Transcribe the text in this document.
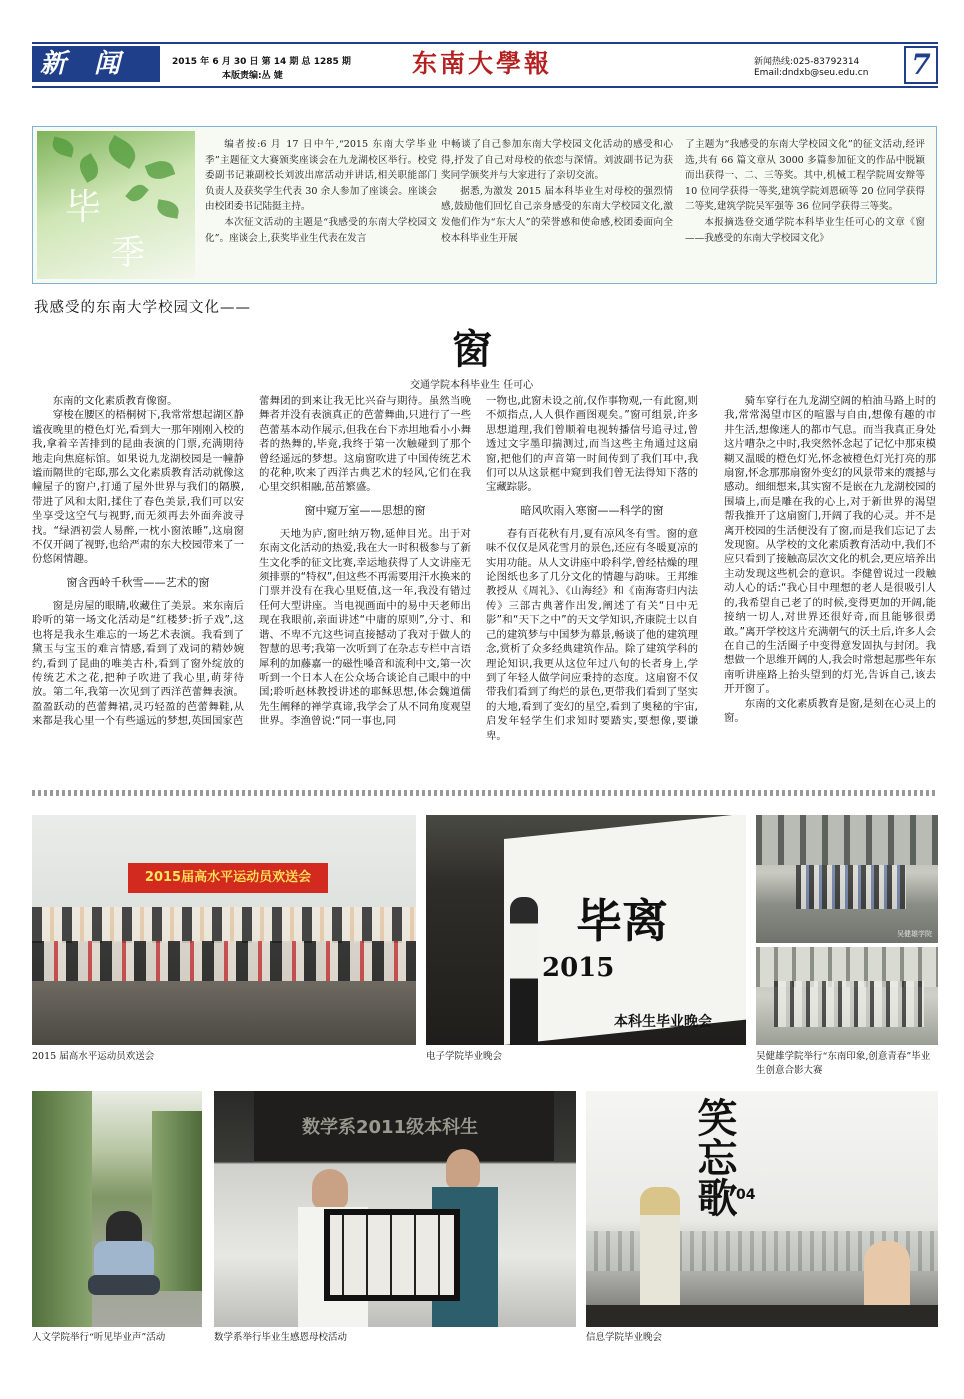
新闻	2015 年 6 月 30 日 第 14 期 总 1285 期
本版责编:丛 婕	东南大學報	新闻热线:025-83792314
Email:dndxb@seu.edu.cn 7
毕
季

编者按:6 月 17 日中午,“2015 东南大学毕业季”主题征文大赛颁奖座谈会在九龙湖校区举行。校党委副书记兼副校长刘波出席活动并讲话,相关职能部门负责人及获奖学生代表 30 余人参加了座谈会。座谈会由校团委书记陆挺主持。

本次征文活动的主题是“我感受的东南大学校园文化”。座谈会上,获奖毕业生代表在发言

中畅谈了自己参加东南大学校园文化活动的感受和心得,抒发了自己对母校的依恋与深情。刘波副书记为获奖同学颁奖并与大家进行了亲切交流。

据悉,为激发 2015 届本科毕业生对母校的强烈情感,鼓励他们回忆自己亲身感受的东南大学校园文化,激发他们作为“东大人”的荣誉感和使命感,校团委面向全校本科毕业生开展

了主题为“我感受的东南大学校园文化”的征文活动,经评选,共有 66 篇文章从 3000 多篇参加征文的作品中脱颖而出获得一、二、三等奖。其中,机械工程学院周安辩等 10 位同学获得一等奖,建筑学院刘恩硕等 20 位同学获得二等奖,建筑学院吴军强等 36 位同学获得三等奖。

本报摘选登交通学院本科毕业生任可心的文章《窗——我感受的东南大学校园文化》

我感受的东南大学校园文化——
窗
交通学院本科毕业生 任可心

东南的文化素质教育像窗。

穿梭在腰区的梧桐树下,我常常想起湖区静谧夜晚里的橙色灯光,看到大一那年刚刚入校的我,拿着辛苦排到的昆曲表演的门票,充满期待地走向焦庭标馆。如果说九龙湖校园是一幢静谧而隔世的宅邸,那么文化素质教育活动就像这幢屋子的窗户,打通了屋外世界与我们的隔膜,带进了风和太阳,揉住了春色美景,我们可以安坐享受这空气与视野,而无须再去外面奔波寻找。“绿酒初尝人易醉,一枕小窗浓睡”,这扇窗不仅开阔了视野,也给严肃的东大校园带来了一份悠闲情趣。

窗含西岭千秋雪——艺术的窗

窗是房屋的眼睛,收藏住了美景。来东南后聆听的第一场文化活动是“红楼梦:折子戏”,这也将是我永生难忘的一场艺术表演。我看到了黛玉与宝玉的难言情感,看到了戏词的精妙婉约,看到了昆曲的唯美古朴,看到了窗外绽放的传统艺术之花,把种子吹进了我心里,萌芽待放。第二年,我第一次见到了西洋芭蕾舞表演。盈盈跃动的芭蕾舞裙,灵巧轻盈的芭蕾舞鞋,从来都是我心里一个有些遥远的梦想,英国国家芭

蕾舞团的到来让我无比兴奋与期待。虽然当晚舞者并没有表演真正的芭蕾舞曲,只进行了一些芭蕾基本动作展示,但我在台下赤坦地看小小舞者的热舞的,毕竟,我终于第一次触碰到了那个曾经遥远的梦想。这扇窗吹进了中国传统艺术的花种,吹来了西洋古典艺术的轻风,它们在我心里交织相融,茁茁繁盛。

窗中窥万室——思想的窗

天地为庐,窗吐纳万物,延伸目光。出于对东南文化活动的热爱,我在大一时积极参与了新生文化季的征文比赛,幸运地获得了人文讲座无须排票的“特权”,但这些不再需要用汗水换来的门票并没有在我心里贬值,这一年,我没有错过任何大型讲座。当电视画面中的易中天老师出现在我眼前,亲面讲述“中庸的原则”,分寸、和谐、不卑不亢这些词直接撼动了我对于做人的智慧的思考;我第一次听到了在杂志专栏中言语犀利的加藤嘉一的磁性嗓音和流利中文,第一次听到一个日本人在公众场合谈论自己眼中的中国;聆听赵林教授讲述的耶稣思想,体会魏道儒先生阐释的禅学真谛,我学会了从不同角度观望世界。李渔曾说:“同一事也,同

一物也,此窗未设之前,仅作事物观,一有此窗,则不烦指点,人人俱作画图观矣。”窗可组景,许多思想道理,我们曾顺着电视转播信号追寻过,曾透过文字墨印揣测过,而当这些主角通过这扇窗,把他们的声音第一时间传到了我们耳中,我们可以从这景框中窥到我们曾无法得知下落的宝藏踪影。

暗风吹雨入寒窗——科学的窗

春有百花秋有月,夏有凉风冬有雪。窗的意味不仅仅是风花雪月的景色,还应有冬暖夏凉的实用功能。从人文讲座中聆科学,曾经枯燥的理论图纸也多了几分文化的情趣与韵味。王邦维教授从《周礼》、《山海经》和《南海寄归内法传》三部古典著作出发,阐述了有关“日中无影”和“天下之中”的天文学知识,齐康院士以自己的建筑梦与中国梦为幕景,畅谈了他的建筑理念,赏析了众多经典建筑作品。除了建筑学科的理论知识,我更从这位年过八旬的长者身上,学到了年轻人做学问应秉持的态度。这扇窗不仅带我们看到了绚烂的景色,更带我们看到了坚实的大地,看到了变幻的星空,看到了奥秘的宇宙,启发年轻学生们求知时要踏实,要想像,要谦卑。

骑车穿行在九龙湖空阔的柏油马路上时的我,常常渴望市区的喧嚣与自由,想像有趣的市井生活,想像迷人的都市气息。而当我真正身处这片嘈杂之中时,我突然怀念起了记忆中那束模糊又温暖的橙色灯光,怀念被橙色灯光打亮的那扇窗,怀念那那扇窗外变幻的风景带来的震撼与感动。细细想来,其实窗不是嵌在九龙湖校园的围墙上,而是雕在我的心上,对于新世界的渴望帮我推开了这扇窗门,开阔了我的心灵。并不是离开校园的生活便没有了窗,而是我们忘记了去发现窗。从学校的文化素质教育活动中,我们不应只看到了接触高层次文化的机会,更应培养出主动发现这些机会的意识。李健曾说过一段触动人心的话:“我心目中理想的老人是很吸引人的,我希望自己老了的时候,变得更加的开阔,能接纳一切人,对世界还很好奇,而且能够很勇敢。”离开学校这片充满朝气的沃土后,许多人会在自己的生活圈子中变得意发固执与封闭。我想做一个思维开阔的人,我会时常想起那些年东南听讲座路上抬头望到的灯光,告诉自己,该去开开窗了。

东南的文化素质教育是窗,是刻在心灵上的窗。

2015届高水平运动员欢送会
2015 届高水平运动员欢送会
毕离
2015
本科生毕业晚会
电子学院毕业晚会
吴健雄学院
吴健雄学院举行“东南印象,创意青春”毕业生创意合影大赛
人文学院举行“听见毕业声”活动
数学系2011级本科生
数学系举行毕业生感恩母校活动
笑忘歌
04
信息学院毕业晚会
